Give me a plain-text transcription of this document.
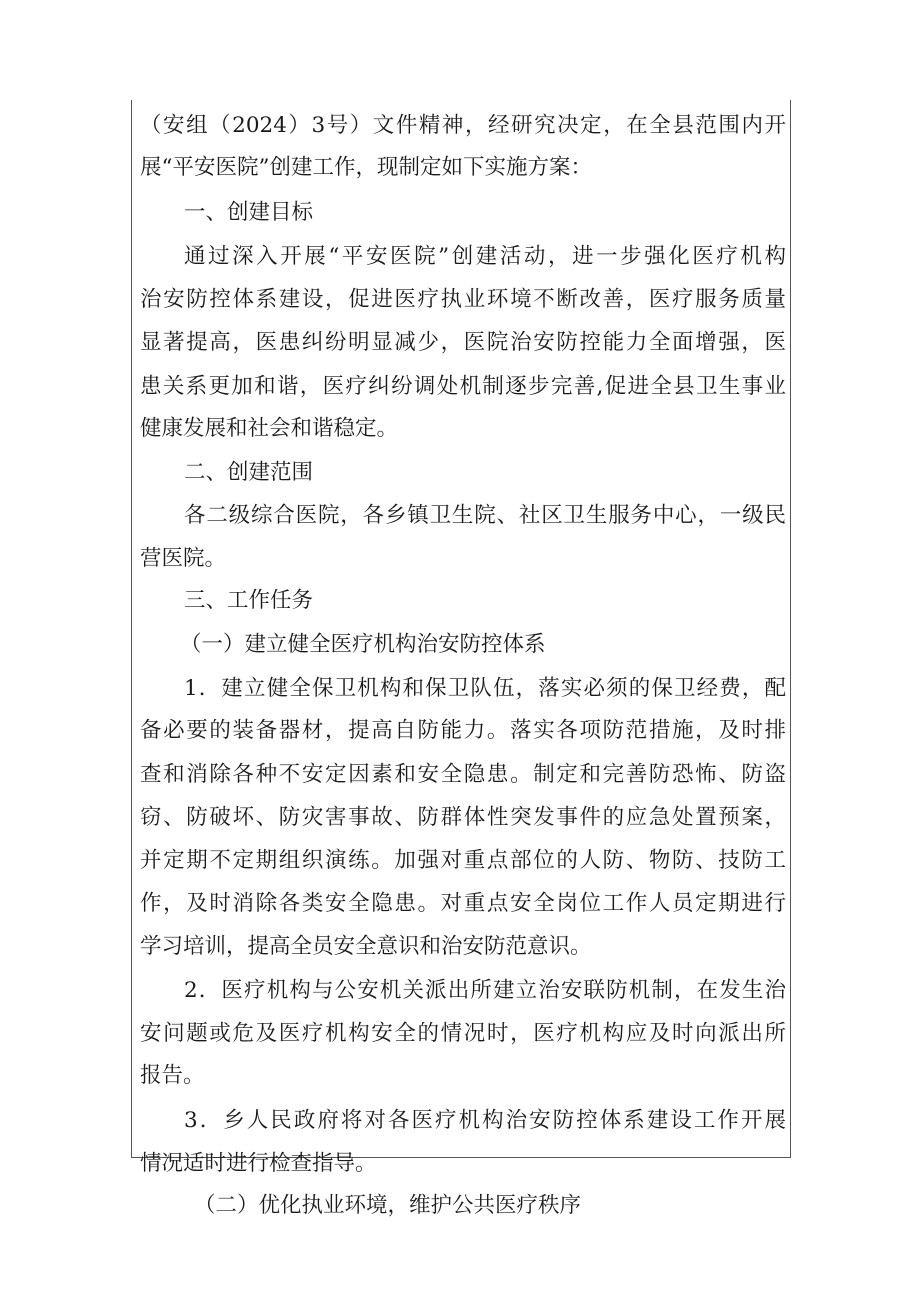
（安组（2024）3号）文件精神，经研究决定，在全县范围内开
展“平安医院”创建工作，现制定如下实施方案：
一、创建目标
通过深入开展“平安医院”创建活动，进一步强化医疗机构
治安防控体系建设，促进医疗执业环境不断改善，医疗服务质量
显著提高，医患纠纷明显减少，医院治安防控能力全面增强，医
患关系更加和谐，医疗纠纷调处机制逐步完善,促进全县卫生事业
健康发展和社会和谐稳定。
二、创建范围
各二级综合医院，各乡镇卫生院、社区卫生服务中心，一级民
营医院。
三、工作任务
（一）建立健全医疗机构治安防控体系
1．建立健全保卫机构和保卫队伍，落实必须的保卫经费，配
备必要的装备器材，提高自防能力。落实各项防范措施，及时排
查和消除各种不安定因素和安全隐患。制定和完善防恐怖、防盗
窃、防破坏、防灾害事故、防群体性突发事件的应急处置预案，
并定期不定期组织演练。加强对重点部位的人防、物防、技防工
作，及时消除各类安全隐患。对重点安全岗位工作人员定期进行
学习培训，提高全员安全意识和治安防范意识。
2．医疗机构与公安机关派出所建立治安联防机制，在发生治
安问题或危及医疗机构安全的情况时，医疗机构应及时向派出所
报告。
3．乡人民政府将对各医疗机构治安防控体系建设工作开展
情况适时进行检查指导。
（二）优化执业环境，维护公共医疗秩序
